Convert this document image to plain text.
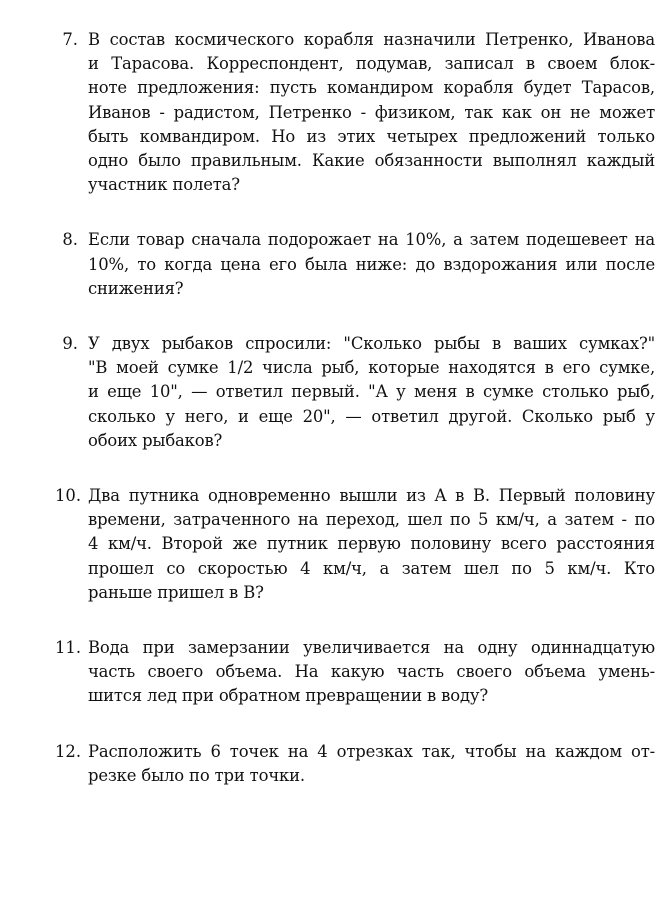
7. В состав космического корабля назначили Петренко, Иванова
и Тарасова. Корреспондент, подумав, записал в своем блок-
ноте предложения: пусть командиром корабля будет Тарасов,
Иванов - радистом, Петренко - физиком, так как он не может
быть комвандиром. Но из этих четырех предложений только
одно было правильным. Какие обязанности выполнял каждый
участник полета?
8. Если товар сначала подорожает на 10%, а затем подешевеет на
10%, то когда цена его была ниже: до вздорожания или после
снижения?
9. У двух рыбаков спросили: "Сколько рыбы в ваших сумках?"
"В моей сумке 1/2 числа рыб, которые находятся в его сумке,
и еще 10", — ответил первый. "А у меня в сумке столько рыб,
сколько у него, и еще 20", — ответил другой. Сколько рыб у
обоих рыбаков?
10. Два путника одновременно вышли из A в B. Первый половину
времени, затраченного на переход, шел по 5 км/ч, а затем - по
4 км/ч. Второй же путник первую половину всего расстояния
прошел со скоростью 4 км/ч, а затем шел по 5 км/ч. Кто
раньше пришел в B?
11. Вода при замерзании увеличивается на одну одиннадцатую
часть своего объема. На какую часть своего объема умень-
шится лед при обратном превращении в воду?
12. Расположить 6 точек на 4 отрезках так, чтобы на каждом от-
резке было по три точки.
